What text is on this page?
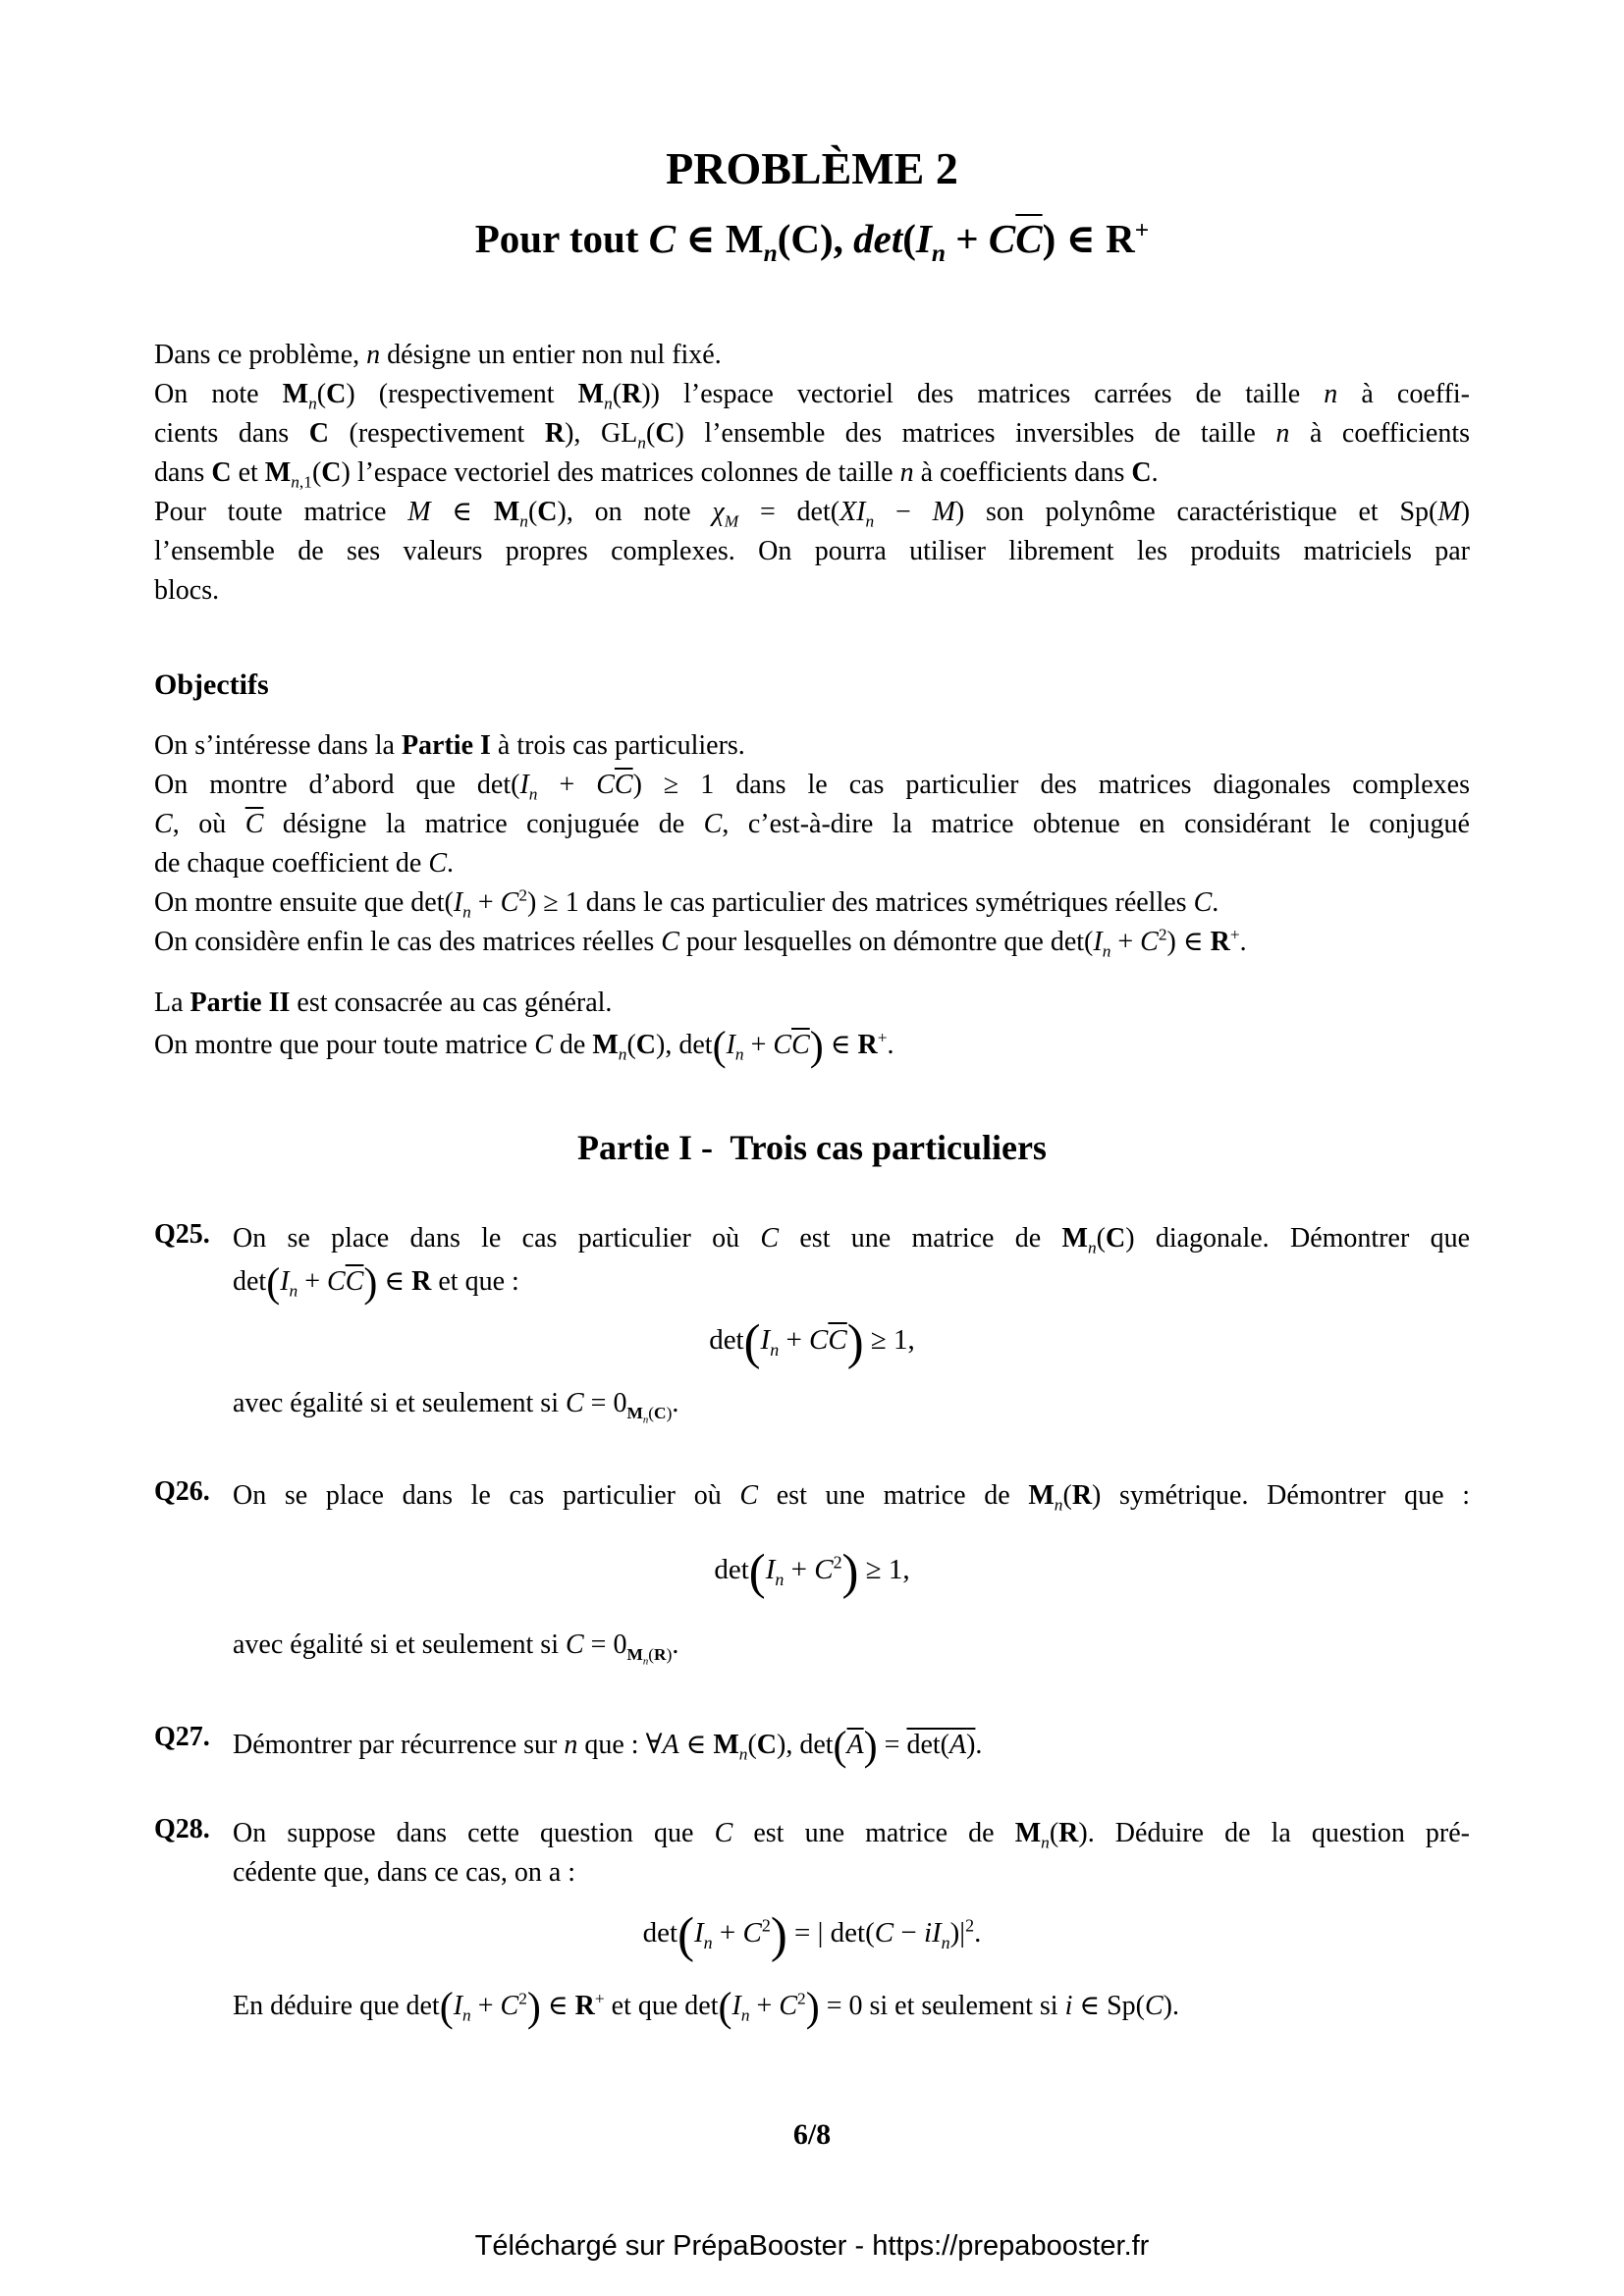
PROBLÈME 2
Pour tout C ∈ $M_n(C)$, $\det(I_n + C\overline{C})$ ∈ R+
Dans ce problème, n désigne un entier non nul fixé.
On note $M_n(C)$ (respectivement $M_n(R)$) l’espace vectoriel des matrices carrées de taille n à coeffi-
cients dans C (respectivement R), $GL_n(C)$ l’ensemble des matrices inversibles de taille n à coefficients
dans C et $M_{n,1}(C)$ l’espace vectoriel des matrices colonnes de taille n à coefficients dans C.
Pour toute matrice M ∈ $M_n(C)$, on note $\chi_M = \det(XI_n - M)$ son polynôme caractéristique et Sp(M)
l’ensemble de ses valeurs propres complexes. On pourra utiliser librement les produits matriciels par
blocs.
Objectifs
On s’intéresse dans la Partie I à trois cas particuliers.
On montre d’abord que $\det(I_n + C\overline{C}) \ge 1$ dans le cas particulier des matrices diagonales complexes
C, où $\overline{C}$ désigne la matrice conjuguée de C, c’est-à-dire la matrice obtenue en considérant le conjugué
de chaque coefficient de C.
On montre ensuite que $\det(I_n + C^2) \ge 1$ dans le cas particulier des matrices symétriques réelles C.
On considère enfin le cas des matrices réelles C pour lesquelles on démontre que $\det(I_n + C^2)$ ∈ R+.
La Partie II est consacrée au cas général.
On montre que pour toute matrice C de $M_n(C)$, $\det(I_n + C\overline{C})$ ∈ R+.
Partie I -  Trois cas particuliers
Q25. On se place dans le cas particulier où C est une matrice de $M_n(C)$ diagonale. Démontrer que
$\det(I_n + C\overline{C})$ ∈ R et que :
$\det(I_n + C\overline{C}) \ge 1$,
avec égalité si et seulement si $C = 0_{M_n(C)}$.
Q26. On se place dans le cas particulier où C est une matrice de $M_n(R)$ symétrique. Démontrer que :
$\det(I_n + C^2) \ge 1$,
avec égalité si et seulement si $C = 0_{M_n(R)}$.
Q27. Démontrer par récurrence sur n que : ∀A ∈ $M_n(C)$, $\det(\overline{A}) = \det(A)$.
Q28. On suppose dans cette question que C est une matrice de $M_n(R)$. Déduire de la question pré-
cédente que, dans ce cas, on a :
$\det(I_n + C^2)$ = | $\det(C - iI_n)|^2$.
En déduire que $\det(I_n + C^2)$ ∈ R+ et que $\det(I_n + C^2) = 0$ si et seulement si i ∈ Sp(C).
6/8
Téléchargé sur PrépaBooster - https://prepabooster.fr
